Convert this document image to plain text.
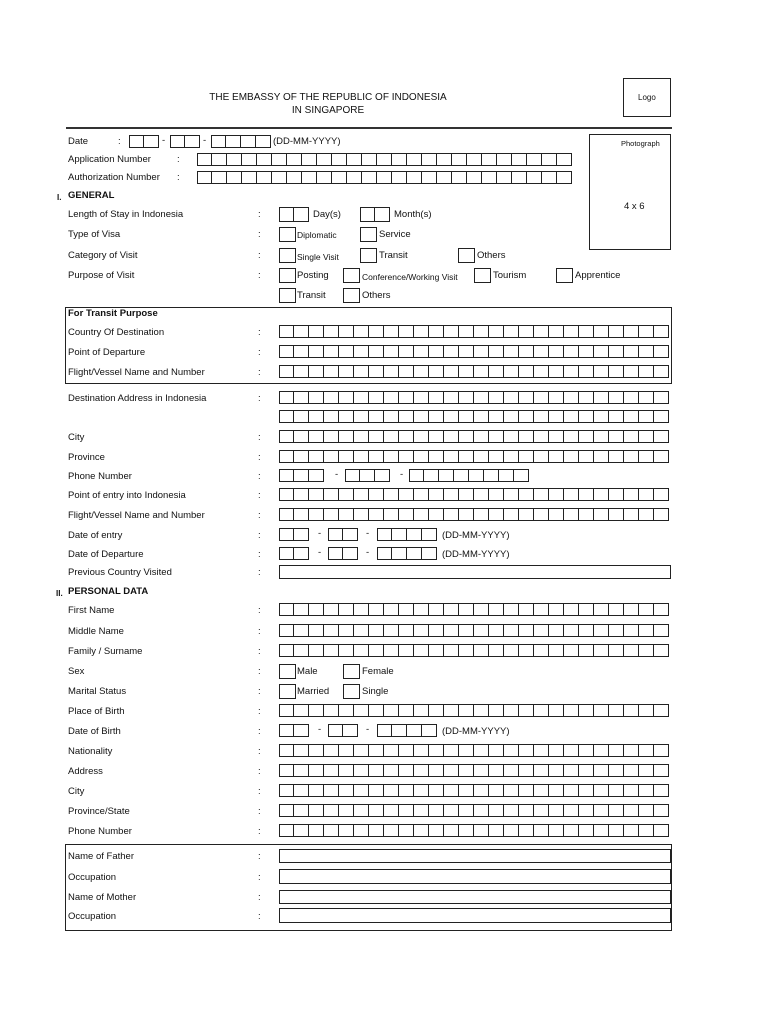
THE EMBASSY OF THE REPUBLIC OF INDONESIA
IN SINGAPORE
Logo
Photograph
4 x 6
Date	:	-	-	(DD-MM-YYYY)
Application Number	:
Authorization Number :
I. GENERAL
Length of Stay in Indonesia	:	Day(s)	Month(s)
Type of Visa	:	Diplomatic	Service
Category of Visit	:	Single Visit	Transit	Others
Purpose of Visit	:	Posting	Conference/Working Visit	Tourism	Apprentice
Transit	Others
For Transit Purpose
Country Of Destination	:
Point of Departure	:
Flight/Vessel Name and Number	:
Destination Address in Indonesia	:
City	:
Province	:
Phone Number	:	-	-
Point of entry into Indonesia	:
Flight/Vessel Name and Number	:
Date of entry	:	-	-	(DD-MM-YYYY)
Date of Departure	:	-	-	(DD-MM-YYYY)
Previous Country Visited	:
II. PERSONAL DATA
First Name	:
Middle Name	:
Family / Surname	:
Sex	:	Male	Female
Marital Status	:	Married	Single
Place of Birth	:
Date of Birth	:	-	-	(DD-MM-YYYY)
Nationality	:
Address	:
City	:
Province/State	:
Phone Number	:
Name of Father	:
Occupation	:
Name of Mother	:
Occupation	:
